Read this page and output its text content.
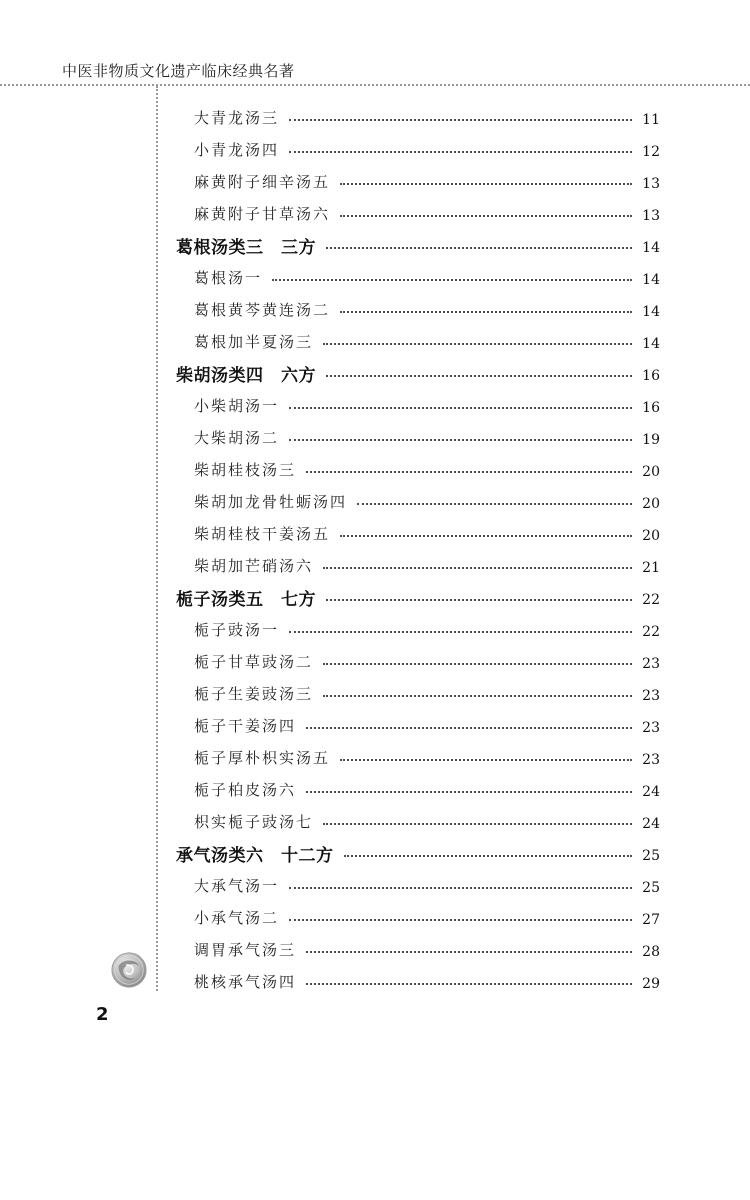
中医非物质文化遗产临床经典名著
大青龙汤三	11
小青龙汤四	12
麻黄附子细辛汤五	13
麻黄附子甘草汤六	13
葛根汤类三　三方	14
葛根汤一	14
葛根黄芩黄连汤二	14
葛根加半夏汤三	14
柴胡汤类四　六方	16
小柴胡汤一	16
大柴胡汤二	19
柴胡桂枝汤三	20
柴胡加龙骨牡蛎汤四	20
柴胡桂枝干姜汤五	20
柴胡加芒硝汤六	21
栀子汤类五　七方	22
栀子豉汤一	22
栀子甘草豉汤二	23
栀子生姜豉汤三	23
栀子干姜汤四	23
栀子厚朴枳实汤五	23
栀子柏皮汤六	24
枳实栀子豉汤七	24
承气汤类六　十二方	25
大承气汤一	25
小承气汤二	27
调胃承气汤三	28
桃核承气汤四	29
2
